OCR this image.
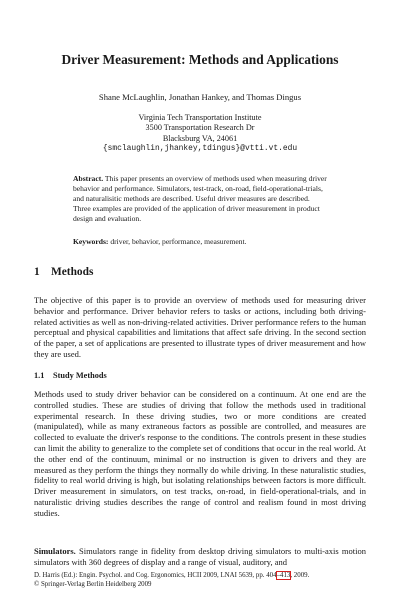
Driver Measurement: Methods and Applications
Shane McLaughlin, Jonathan Hankey, and Thomas Dingus
Virginia Tech Transportation Institute
3500 Transportation Research Dr
Blacksburg VA, 24061
{smclaughlin,jhankey,tdingus}@vtti.vt.edu
Abstract. This paper presents an overview of methods used when measuring driver behavior and performance. Simulators, test-track, on-road, field-operational-trials, and naturalisitic methods are described. Useful driver measures are described. Three examples are provided of the application of driver measurement in product design and evaluation.
Keywords: driver, behavior, performance, measurement.
1 Methods
The objective of this paper is to provide an overview of methods used for measuring driver behavior and performance. Driver behavior refers to tasks or actions, including both driving-related activities as well as non-driving-related activities. Driver performance refers to the human perceptual and physical capabilities and limitations that affect safe driving. In the second section of the paper, a set of applications are presented to illustrate types of driver measurement and how they are used.
1.1 Study Methods
Methods used to study driver behavior can be considered on a continuum. At one end are the controlled studies. These are studies of driving that follow the methods used in traditional experimental research. In these driving studies, two or more conditions are created (manipulated), while as many extraneous factors as possible are controlled, and measures are collected to evaluate the driver's response to the conditions. The controls present in these studies can limit the ability to generalize to the complete set of conditions that occur in the real world. At the other end of the continuum, minimal or no instruction is given to drivers and they are measured as they perform the things they normally do while driving. In these naturalistic studies, fidelity to real world driving is high, but isolating relationships between factors is more difficult. Driver measurement in simulators, on test tracks, on-road, in field-operational-trials, and in naturalistic driving studies describes the range of control and realism found in most driving studies.
Simulators. Simulators range in fidelity from desktop driving simulators to multi-axis motion simulators with 360 degrees of display and a range of visual, auditory, and
D. Harris (Ed.): Engin. Psychol. and Cog. Ergonomics, HCII 2009, LNAI 5639, pp. 404–413, 2009.
© Springer-Verlag Berlin Heidelberg 2009
